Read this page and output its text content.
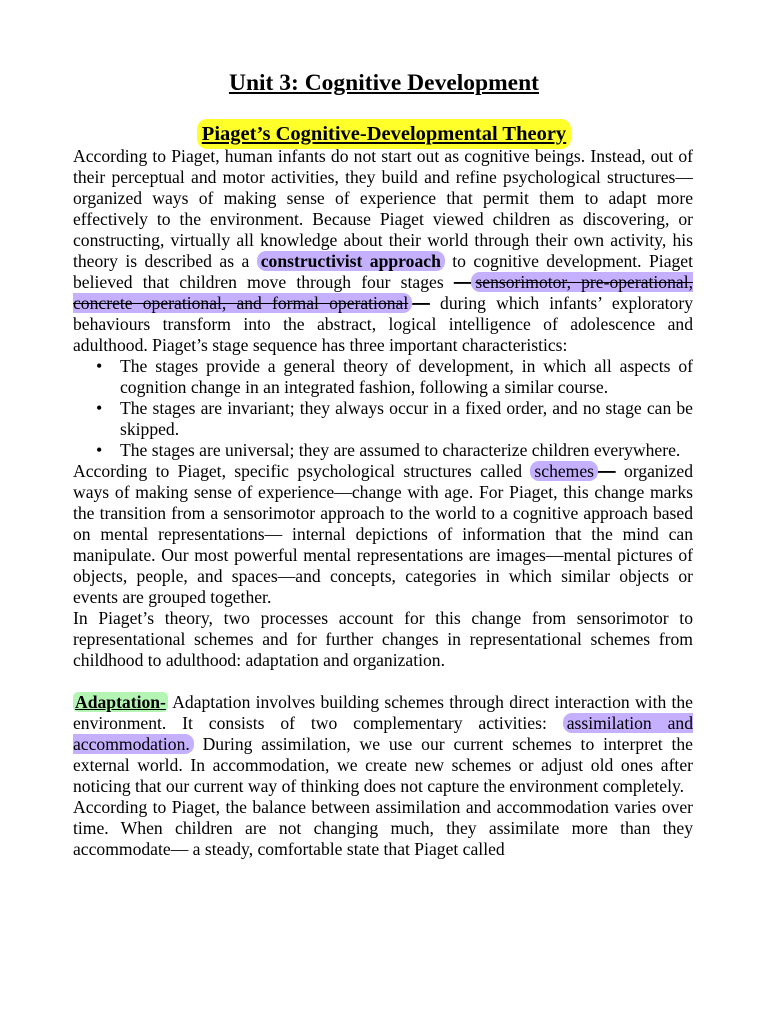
Unit 3: Cognitive Development
Piaget’s Cognitive-Developmental Theory

According to Piaget, human infants do not start out as cognitive beings. Instead, out of their perceptual and motor activities, they build and refine psychological structures—organized ways of making sense of experience that permit them to adapt more effectively to the environment. Because Piaget viewed children as discovering, or constructing, virtually all knowledge about their world through their own activity, his theory is described as a constructivist approach to cognitive development. Piaget believed that children move through four stages — sensorimotor, pre-operational, concrete operational, and formal operational — during which infants’ exploratory behaviours transform into the abstract, logical intelligence of adolescence and adulthood. Piaget’s stage sequence has three important characteristics:

• The stages provide a general theory of development, in which all aspects of cognition change in an integrated fashion, following a similar course.
• The stages are invariant; they always occur in a fixed order, and no stage can be skipped.
• The stages are universal; they are assumed to characterize children everywhere.

According to Piaget, specific psychological structures called schemes — organized ways of making sense of experience—change with age. For Piaget, this change marks the transition from a sensorimotor approach to the world to a cognitive approach based on mental representations— internal depictions of information that the mind can manipulate. Our most powerful mental representations are images—mental pictures of objects, people, and spaces—and concepts, categories in which similar objects or events are grouped together.

In Piaget’s theory, two processes account for this change from sensorimotor to representational schemes and for further changes in representational schemes from childhood to adulthood: adaptation and organization.

Adaptation- Adaptation involves building schemes through direct interaction with the environment. It consists of two complementary activities: assimilation and accommodation. During assimilation, we use our current schemes to interpret the external world. In accommodation, we create new schemes or adjust old ones after noticing that our current way of thinking does not capture the environment completely.

According to Piaget, the balance between assimilation and accommodation varies over time. When children are not changing much, they assimilate more than they accommodate— a steady, comfortable state that Piaget called
